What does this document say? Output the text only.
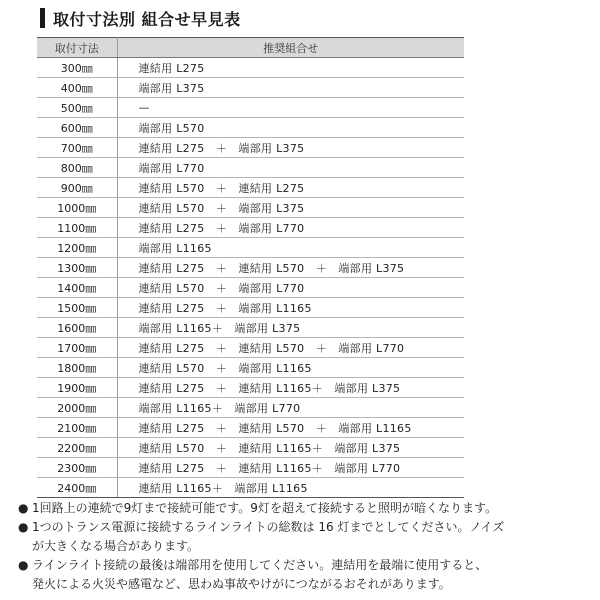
取付寸法別 組合せ早見表
取付寸法	推奨組合せ
300㎜	連結用 L275
400㎜	端部用 L375
500㎜	—
600㎜	端部用 L570
700㎜	連結用 L275　＋　端部用 L375
800㎜	端部用 L770
900㎜	連結用 L570　＋　連結用 L275
1000㎜	連結用 L570　＋　端部用 L375
1100㎜	連結用 L275　＋　端部用 L770
1200㎜	端部用 L1165
1300㎜	連結用 L275　＋　連結用 L570　＋　端部用 L375
1400㎜	連結用 L570　＋　端部用 L770
1500㎜	連結用 L275　＋　端部用 L1165
1600㎜	端部用 L1165＋　端部用 L375
1700㎜	連結用 L275　＋　連結用 L570　＋　端部用 L770
1800㎜	連結用 L570　＋　端部用 L1165
1900㎜	連結用 L275　＋　連結用 L1165＋　端部用 L375
2000㎜	端部用 L1165＋　端部用 L770
2100㎜	連結用 L275　＋　連結用 L570　＋　端部用 L1165
2200㎜	連結用 L570　＋　連結用 L1165＋　端部用 L375
2300㎜	連結用 L275　＋　連結用 L1165＋　端部用 L770
2400㎜	連結用 L1165＋　端部用 L1165
● 1回路上の連続で9灯まで接続可能です。9灯を超えて接続すると照明が暗くなります。
● 1つのトランス電源に接続するラインライトの総数は 16 灯までとしてください。ノイズ
が大きくなる場合があります。
● ラインライト接続の最後は端部用を使用してください。連結用を最端に使用すると、
発火による火災や感電など、思わぬ事故やけがにつながるおそれがあります。
